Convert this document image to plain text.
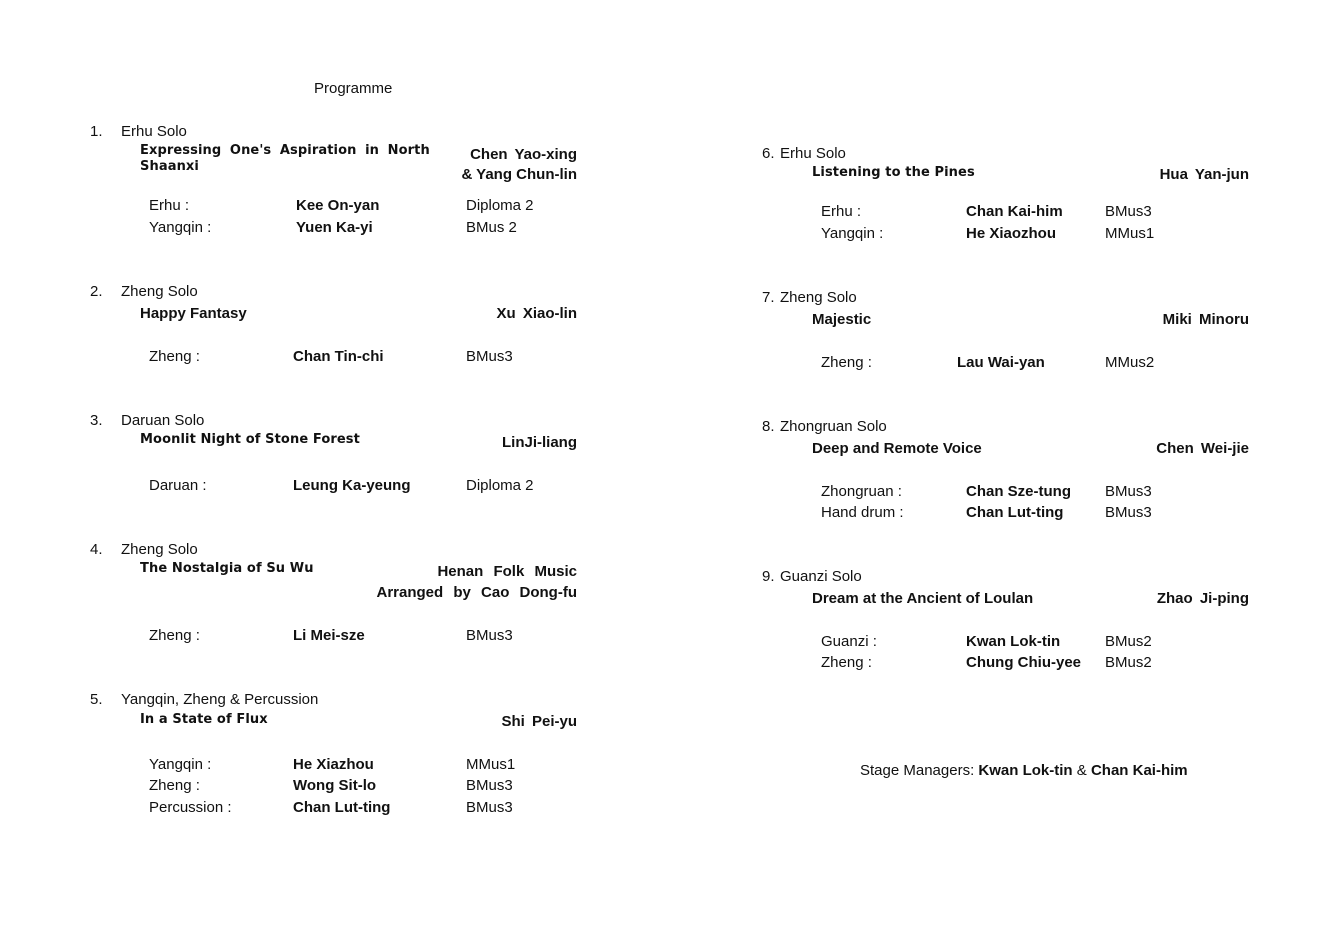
Programme
1. Erhu Solo
Expressing One's Aspiration in North
Shaanxi
Chen Yao-xing
& Yang Chun-lin
Erhu :	Kee On-yan	Diploma 2
Yangqin :	Yuen Ka-yi	BMus 2
2. Zheng Solo
Happy Fantasy	Xu Xiao-lin
Zheng :	Chan Tin-chi	BMus3
3. Daruan Solo
Moonlit Night of Stone Forest	LinJi-liang
Daruan :	Leung Ka-yeung	Diploma 2
4. Zheng Solo
The Nostalgia of Su Wu	Henan Folk Music
Arranged by Cao Dong-fu
Zheng :	Li Mei-sze	BMus3
5. Yangqin, Zheng & Percussion
In a State of Flux	Shi Pei-yu
Yangqin :	He Xiazhou	MMus1
Zheng :	Wong Sit-lo	BMus3
Percussion :	Chan Lut-ting	BMus3
6. Erhu Solo
Listening to the Pines	Hua Yan-jun
Erhu :	Chan Kai-him	BMus3
Yangqin :	He Xiaozhou	MMus1
7. Zheng Solo
Majestic	Miki Minoru
Zheng :	Lau Wai-yan	MMus2
8. Zhongruan Solo
Deep and Remote Voice	Chen Wei-jie
Zhongruan :	Chan Sze-tung BMus3
Hand drum :	Chan Lut-ting	BMus3
9. Guanzi Solo
Dream at the Ancient of Loulan	Zhao Ji-ping
Guanzi :	Kwan Lok-tin	BMus2
Zheng :	Chung Chiu-yee BMus2
Stage Managers: Kwan Lok-tin & Chan Kai-him
